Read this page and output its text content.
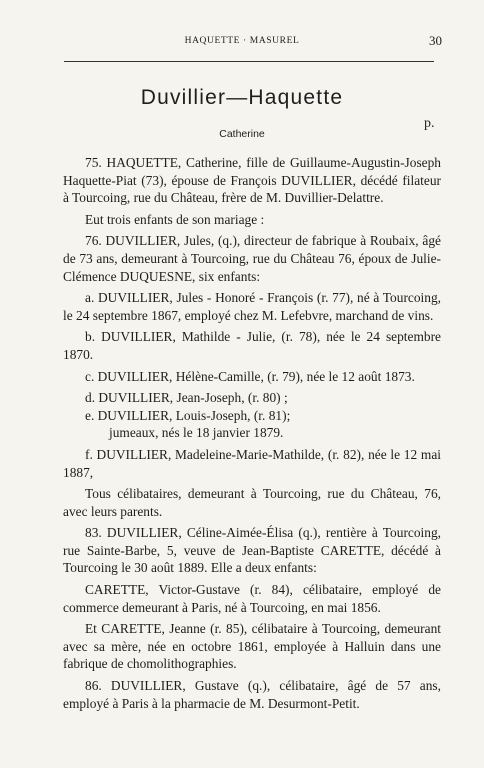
HAQUETTE · MASUREL	30
Duvillier—Haquette
p.
Catherine

75. HAQUETTE, Catherine, fille de Guillaume-Augustin-Joseph Haquette-Piat (73), épouse de François DUVILLIER, décédé filateur à Tourcoing, rue du Château, frère de M. Duvillier-Delattre.

Eut trois enfants de son mariage :

76. DUVILLIER, Jules, (q.), directeur de fabrique à Roubaix, âgé de 73 ans, demeurant à Tourcoing, rue du Château 76, époux de Julie-Clémence DUQUESNE, six enfants:

a. DUVILLIER, Jules - Honoré - François (r. 77), né à Tourcoing, le 24 septembre 1867, employé chez M. Lefebvre, marchand de vins.

b. DUVILLIER, Mathilde - Julie, (r. 78), née le 24 septembre 1870.

c. DUVILLIER, Hélène-Camille, (r. 79), née le 12 août 1873.

d. DUVILLIER, Jean-Joseph, (r. 80) ;

e. DUVILLIER, Louis-Joseph, (r. 81);

jumeaux, nés le 18 janvier 1879.

f. DUVILLIER, Madeleine-Marie-Mathilde, (r. 82), née le 12 mai 1887,

Tous célibataires, demeurant à Tourcoing, rue du Château, 76, avec leurs parents.

83. DUVILLIER, Céline-Aimée-Élisa (q.), rentière à Tourcoing, rue Sainte-Barbe, 5, veuve de Jean-Baptiste CARETTE, décédé à Tourcoing le 30 août 1889. Elle a deux enfants:

CARETTE, Victor-Gustave (r. 84), célibataire, employé de commerce demeurant à Paris, né à Tourcoing, en mai 1856.

Et CARETTE, Jeanne (r. 85), célibataire à Tourcoing, demeurant avec sa mère, née en octobre 1861, employée à Halluin dans une fabrique de chomolithographies.

86. DUVILLIER, Gustave (q.), célibataire, âgé de 57 ans, employé à Paris à la pharmacie de M. Desurmont-Petit.
